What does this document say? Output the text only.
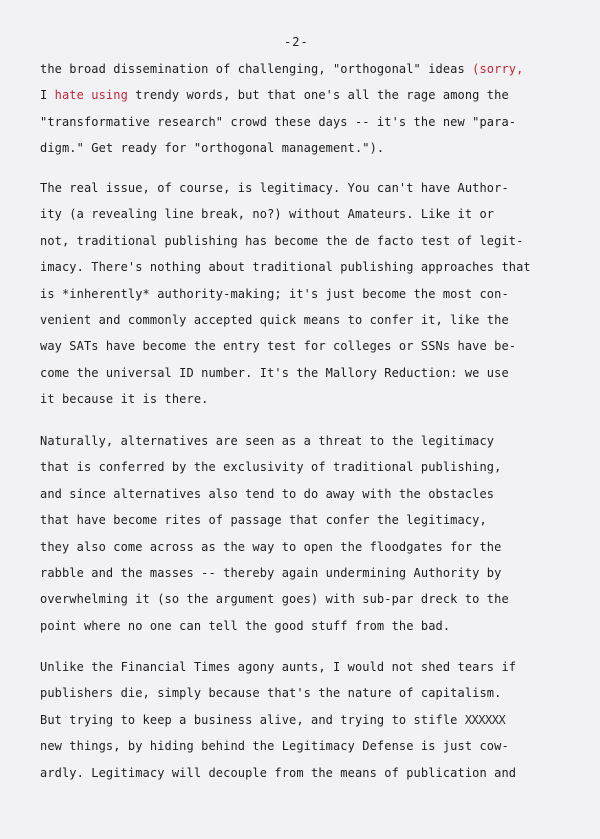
-2-
the broad dissemination of challenging, "orthogonal" ideas (sorry,
I hate using trendy words, but that one's all the rage among the
"transformative research" crowd these days -- it's the new "para-
digm." Get ready for "orthogonal management.").
The real issue, of course, is legitimacy. You can't have Author-
ity (a revealing line break, no?) without Amateurs. Like it or
not, traditional publishing has become the de facto test of legit-
imacy. There's nothing about traditional publishing approaches that
is *inherently* authority-making; it's just become the most con-
venient and commonly accepted quick means to confer it, like the
way SATs have become the entry test for colleges or SSNs have be-
come the universal ID number. It's the Mallory Reduction: we use
it because it is there.
Naturally, alternatives are seen as a threat to the legitimacy
that is conferred by the exclusivity of traditional publishing,
and since alternatives also tend to do away with the obstacles
that have become rites of passage that confer the legitimacy,
they also come across as the way to open the floodgates for the
rabble and the masses -- thereby again undermining Authority by
overwhelming it (so the argument goes) with sub-par dreck to the
point where no one can tell the good stuff from the bad.
Unlike the Financial Times agony aunts, I would not shed tears if
publishers die, simply because that's the nature of capitalism.
But trying to keep a business alive, and trying to stifle XXXXXX
new things, by hiding behind the Legitimacy Defense is just cow-
ardly. Legitimacy will decouple from the means of publication and
